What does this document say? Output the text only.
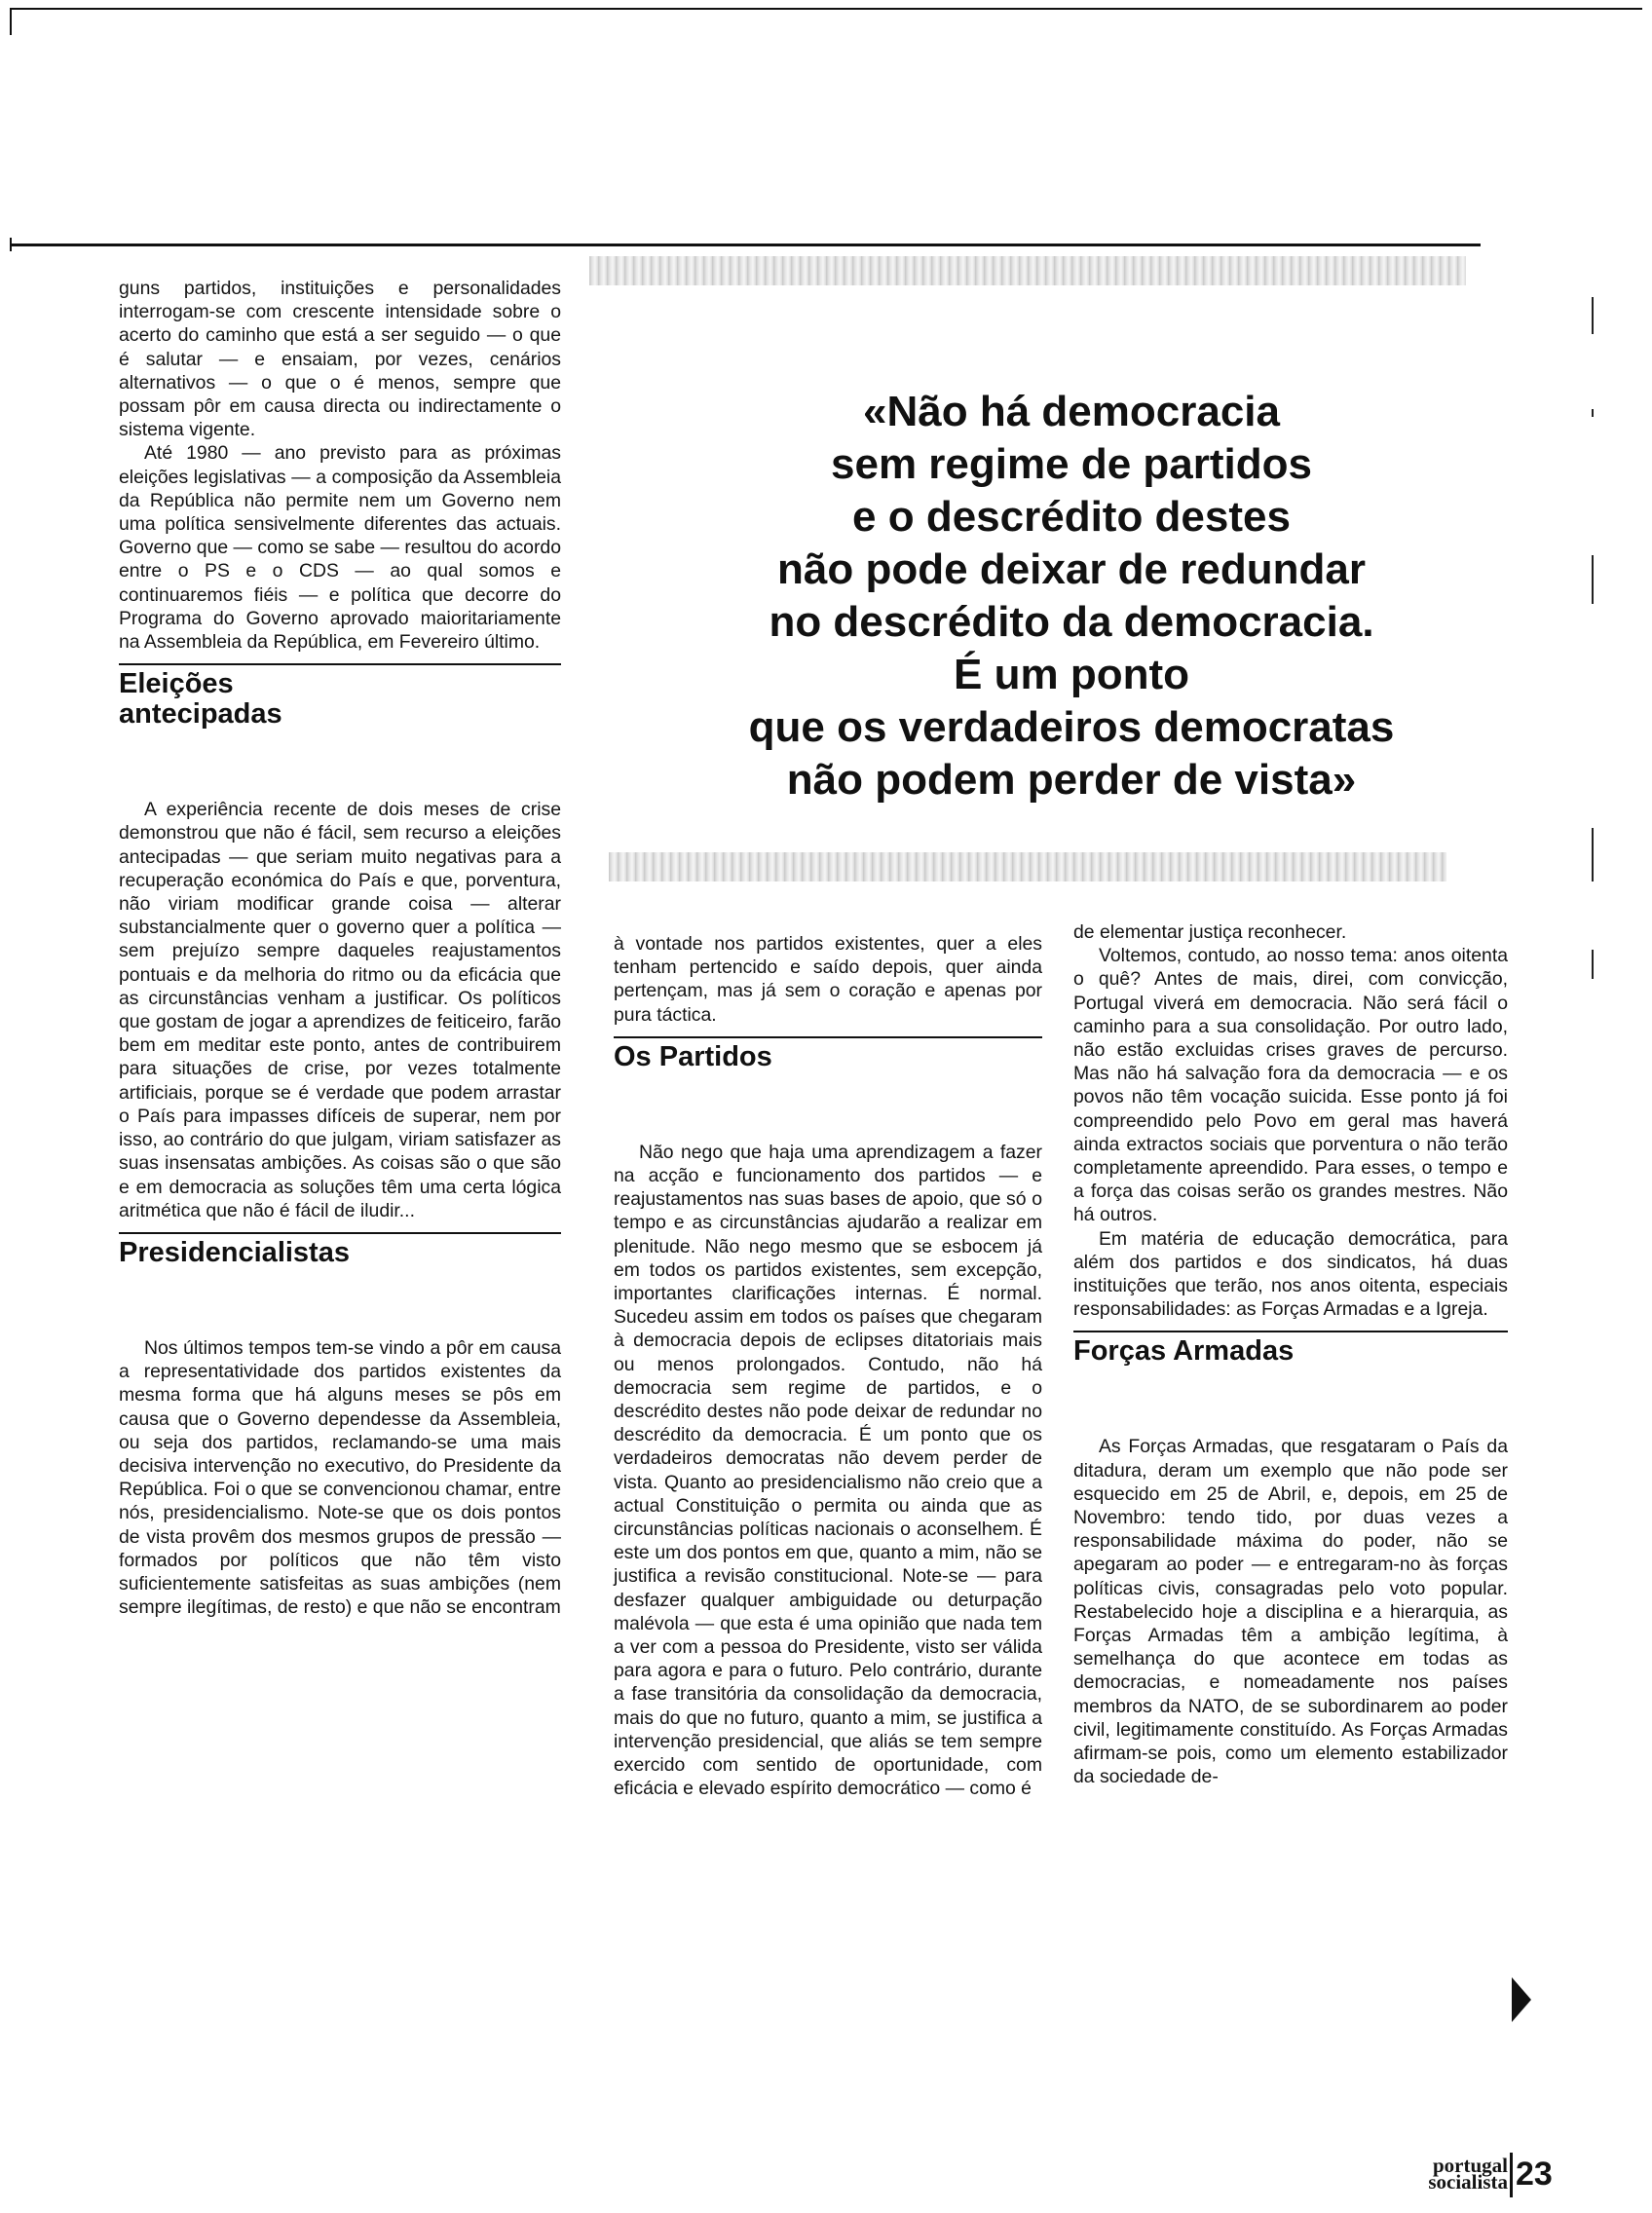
«Não há democracia
sem regime de partidos
e o descrédito destes
não pode deixar de redundar
no descrédito da democracia.
É um ponto
que os verdadeiros democratas
não podem perder de vista»

guns partidos, instituições e personalidades interrogam-se com crescente intensidade sobre o acerto do caminho que está a ser seguido — o que é salutar — e ensaiam, por vezes, cenários alternativos — o que o é menos, sempre que possam pôr em causa directa ou indirectamente o sistema vigente.

Até 1980 — ano previsto para as próximas eleições legislativas — a composição da Assembleia da República não permite nem um Governo nem uma política sensivelmente diferentes das actuais. Governo que — como se sabe — resultou do acordo entre o PS e o CDS — ao qual somos e continuaremos fiéis — e política que decorre do Programa do Governo aprovado maioritariamente na Assembleia da República, em Fevereiro último.

Eleições
antecipadas

A experiência recente de dois meses de crise demonstrou que não é fácil, sem recurso a eleições antecipadas — que seriam muito negativas para a recuperação económica do País e que, porventura, não viriam modificar grande coisa — alterar substancialmente quer o governo quer a política — sem prejuízo sempre daqueles reajustamentos pontuais e da melhoria do ritmo ou da eficácia que as circunstâncias venham a justificar. Os políticos que gostam de jogar a aprendizes de feiticeiro, farão bem em meditar este ponto, antes de contribuirem para situações de crise, por vezes totalmente artificiais, porque se é verdade que podem arrastar o País para impasses difíceis de superar, nem por isso, ao contrário do que julgam, viriam satisfazer as suas insensatas ambições. As coisas são o que são e em democracia as soluções têm uma certa lógica aritmética que não é fácil de iludir...

Presidencialistas

Nos últimos tempos tem-se vindo a pôr em causa a representatividade dos partidos existentes da mesma forma que há alguns meses se pôs em causa que o Governo dependesse da Assembleia, ou seja dos partidos, reclamando-se uma mais decisiva intervenção no executivo, do Presidente da República. Foi o que se convencionou chamar, entre nós, presidencialismo. Note-se que os dois pontos de vista provêm dos mesmos grupos de pressão — formados por políticos que não têm visto suficientemente satisfeitas as suas ambições (nem sempre ilegítimas, de resto) e que não se encontram

à vontade nos partidos existentes, quer a eles tenham pertencido e saído depois, quer ainda pertençam, mas já sem o coração e apenas por pura táctica.

Os Partidos

Não nego que haja uma aprendizagem a fazer na acção e funcionamento dos partidos — e reajustamentos nas suas bases de apoio, que só o tempo e as circunstâncias ajudarão a realizar em plenitude. Não nego mesmo que se esbocem já em todos os partidos existentes, sem excepção, importantes clarificações internas. É normal. Sucedeu assim em todos os países que chegaram à democracia depois de eclipses ditatoriais mais ou menos prolongados. Contudo, não há democracia sem regime de partidos, e o descrédito destes não pode deixar de redundar no descrédito da democracia. É um ponto que os verdadeiros democratas não devem perder de vista. Quanto ao presidencialismo não creio que a actual Constituição o permita ou ainda que as circunstâncias políticas nacionais o aconselhem. É este um dos pontos em que, quanto a mim, não se justifica a revisão constitucional. Note-se — para desfazer qualquer ambiguidade ou deturpação malévola — que esta é uma opinião que nada tem a ver com a pessoa do Presidente, visto ser válida para agora e para o futuro. Pelo contrário, durante a fase transitória da consolidação da democracia, mais do que no futuro, quanto a mim, se justifica a intervenção presidencial, que aliás se tem sempre exercido com sentido de oportunidade, com eficácia e elevado espírito democrático — como é

de elementar justiça reconhecer.

Voltemos, contudo, ao nosso tema: anos oitenta o quê? Antes de mais, direi, com convicção, Portugal viverá em democracia. Não será fácil o caminho para a sua consolidação. Por outro lado, não estão excluidas crises graves de percurso. Mas não há salvação fora da democracia — e os povos não têm vocação suicida. Esse ponto já foi compreendido pelo Povo em geral mas haverá ainda extractos sociais que porventura o não terão completamente apreendido. Para esses, o tempo e a força das coisas serão os grandes mestres. Não há outros.

Em matéria de educação democrática, para além dos partidos e dos sindicatos, há duas instituições que terão, nos anos oitenta, especiais responsabilidades: as Forças Armadas e a Igreja.

Forças Armadas

As Forças Armadas, que resgataram o País da ditadura, deram um exemplo que não pode ser esquecido em 25 de Abril, e, depois, em 25 de Novembro: tendo tido, por duas vezes a responsabilidade máxima do poder, não se apegaram ao poder — e entregaram-no às forças políticas civis, consagradas pelo voto popular. Restabelecido hoje a disciplina e a hierarquia, as Forças Armadas têm a ambição legítima, à semelhança do que acontece em todas as democracias, e nomeadamente nos países membros da NATO, de se subordinarem ao poder civil, legitimamente constituído. As Forças Armadas afirmam-se pois, como um elemento estabilizador da sociedade de-

portugal
socialista 23
